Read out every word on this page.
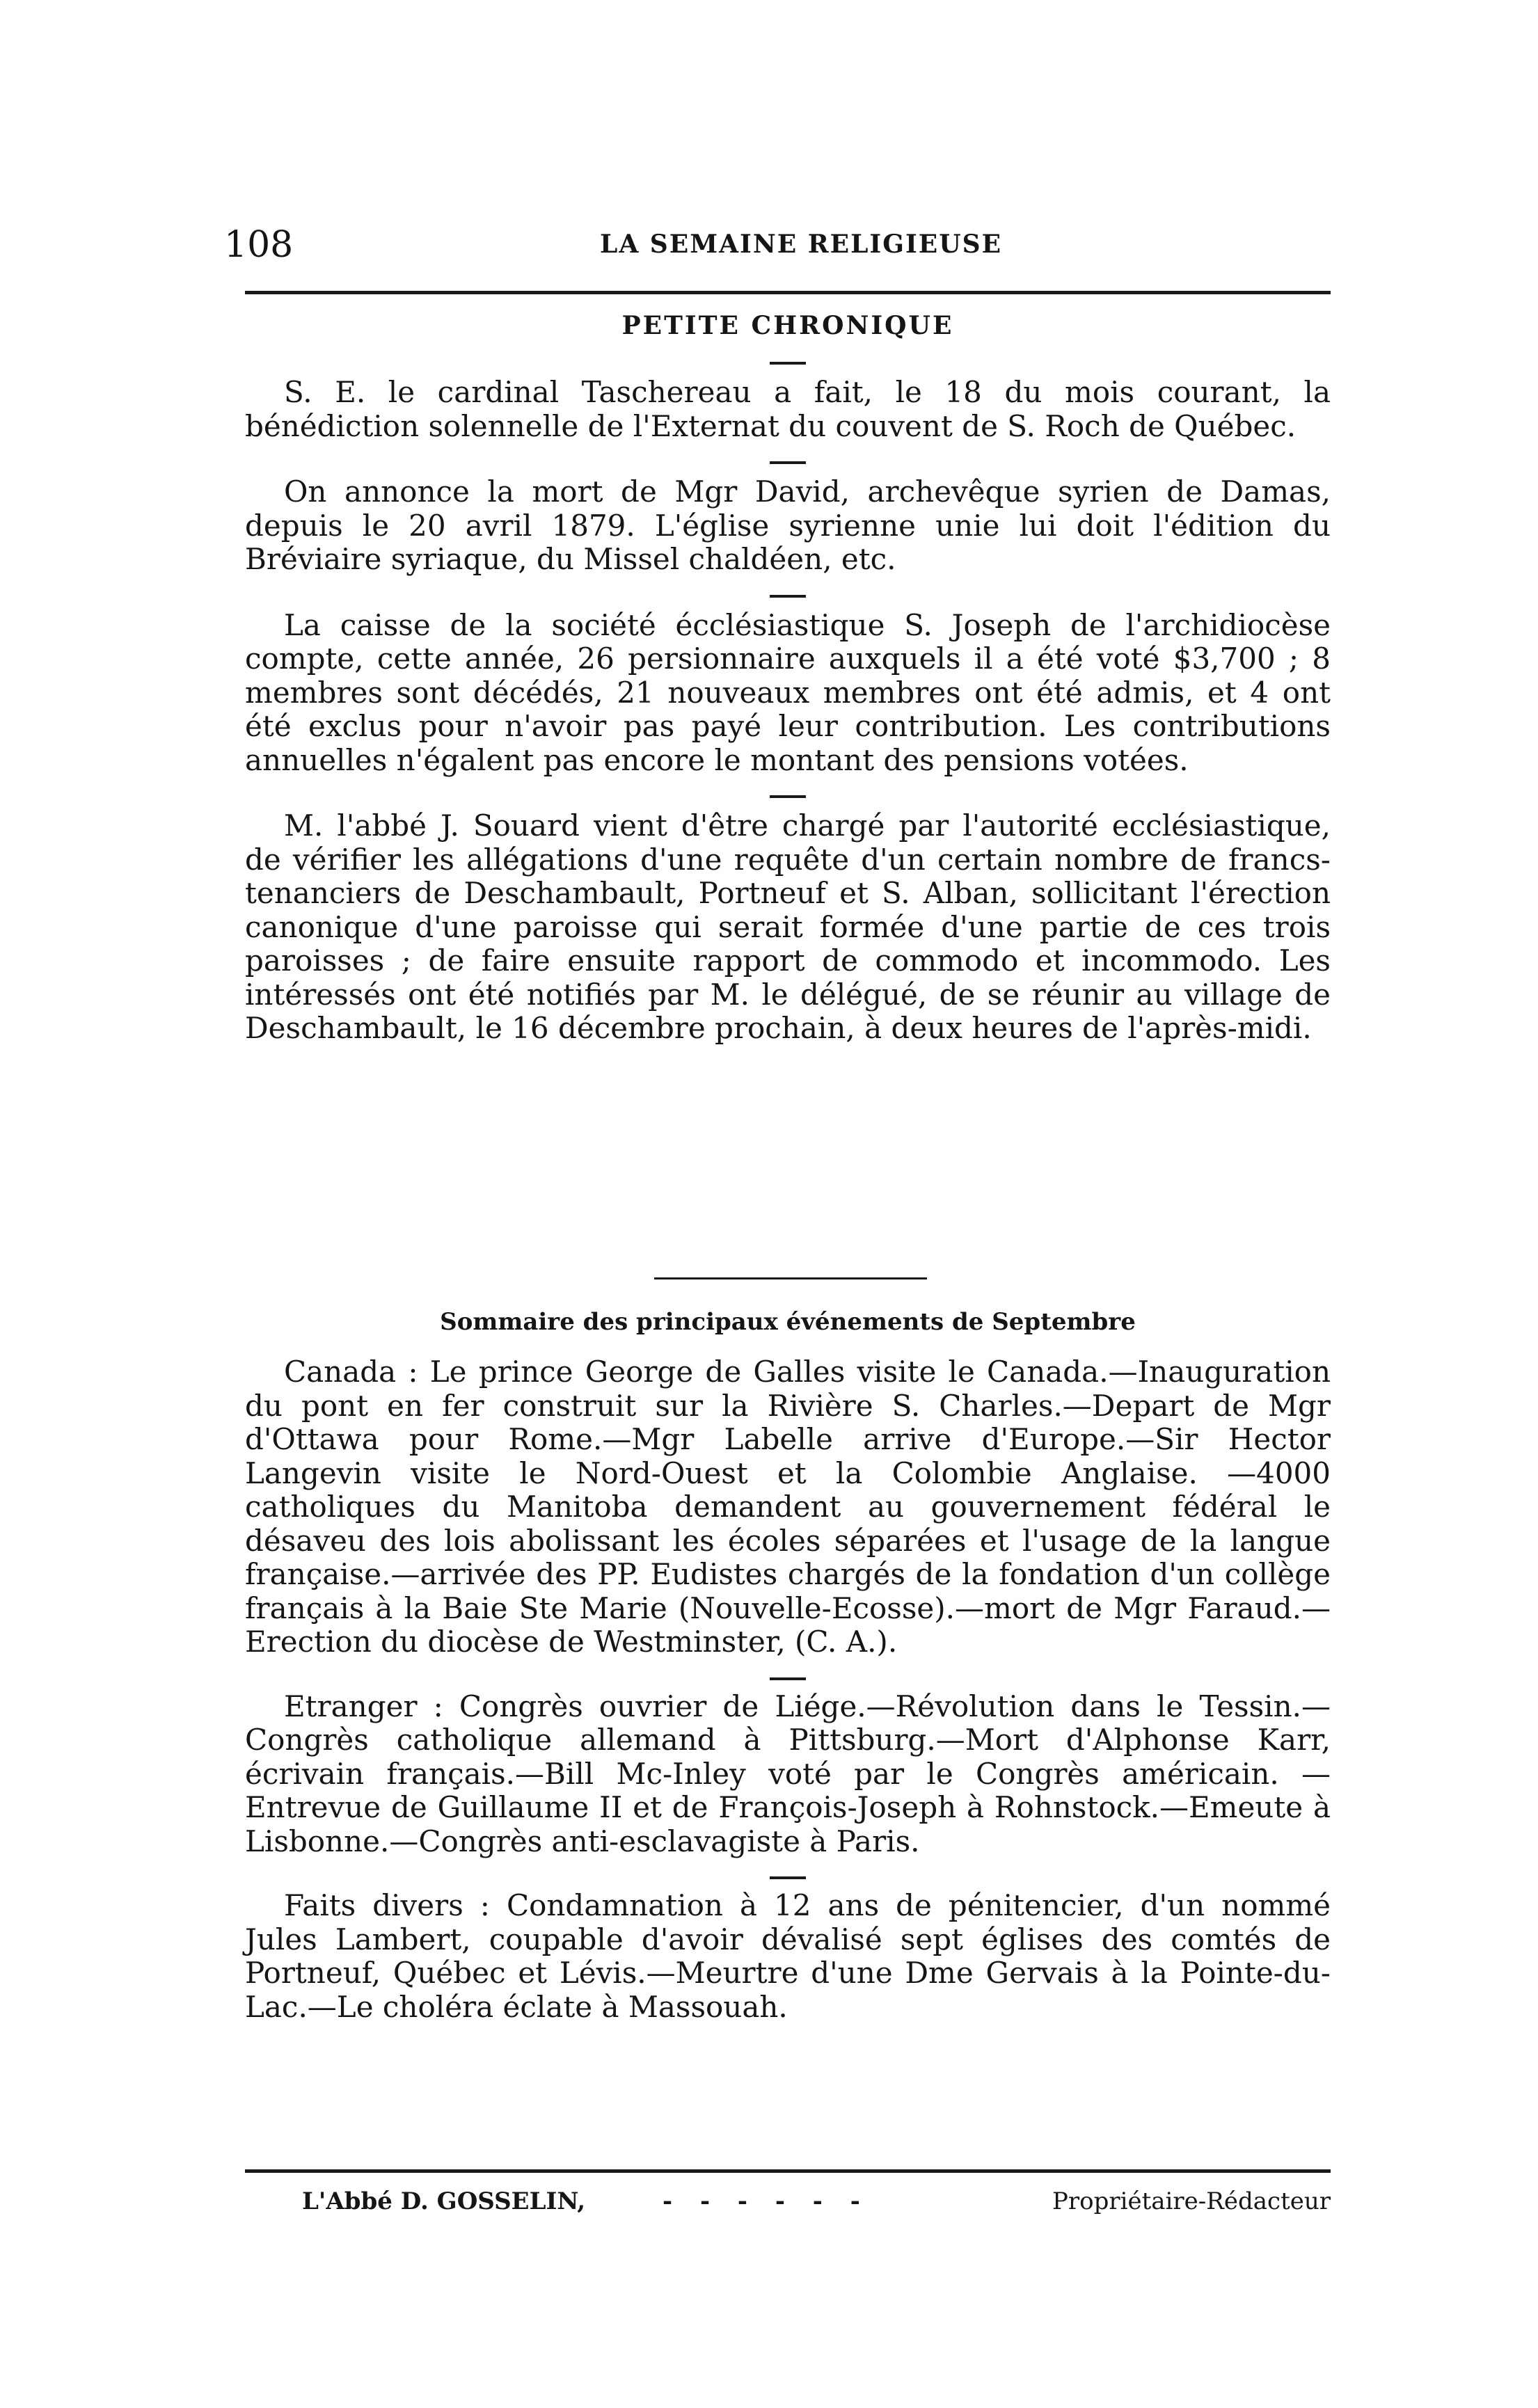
108	LA SEMAINE RELIGIEUSE
PETITE CHRONIQUE

S. E. le cardinal Taschereau a fait, le 18 du mois courant, la bénédiction solennelle de l'Externat du couvent de S. Roch de Québec.

On annonce la mort de Mgr David, archevêque syrien de Damas, depuis le 20 avril 1879. L'église syrienne unie lui doit l'édition du Bréviaire syriaque, du Missel chaldéen, etc.

La caisse de la société écclésiastique S. Joseph de l'archidiocèse compte, cette année, 26 persionnaire auxquels il a été voté $3,700 ; 8 membres sont décédés, 21 nouveaux membres ont été admis, et 4 ont été exclus pour n'avoir pas payé leur contribution. Les contributions annuelles n'égalent pas encore le montant des pensions votées.

M. l'abbé J. Souard vient d'être chargé par l'autorité ecclésiastique, de vérifier les allégations d'une requête d'un certain nombre de francs-tenanciers de Deschambault, Portneuf et S. Alban, sollicitant l'érection canonique d'une paroisse qui serait formée d'une partie de ces trois paroisses ; de faire ensuite rapport de commodo et incommodo. Les intéressés ont été notifiés par M. le délégué, de se réunir au village de Deschambault, le 16 décembre prochain, à deux heures de l'après-midi.

Sommaire des principaux événements de Septembre

Canada : Le prince George de Galles visite le Canada.—Inauguration du pont en fer construit sur la Rivière S. Charles.—Depart de Mgr d'Ottawa pour Rome.—Mgr Labelle arrive d'Europe.—Sir Hector Langevin visite le Nord-Ouest et la Colombie Anglaise. —4000 catholiques du Manitoba demandent au gouvernement fédéral le désaveu des lois abolissant les écoles séparées et l'usage de la langue française.—arrivée des PP. Eudistes chargés de la fondation d'un collège français à la Baie Ste Marie (Nouvelle-Ecosse).—mort de Mgr Faraud.—Erection du diocèse de Westminster, (C. A.).

Etranger : Congrès ouvrier de Liége.—Révolution dans le Tessin.—Congrès catholique allemand à Pittsburg.—Mort d'Alphonse Karr, écrivain français.—Bill Mc-Inley voté par le Congrès américain. —Entrevue de Guillaume II et de François-Joseph à Rohnstock.—Emeute à Lisbonne.—Congrès anti-esclavagiste à Paris.

Faits divers : Condamnation à 12 ans de pénitencier, d'un nommé Jules Lambert, coupable d'avoir dévalisé sept églises des comtés de Portneuf, Québec et Lévis.—Meurtre d'une Dme Gervais à la Pointe-du-Lac.—Le choléra éclate à Massouah.

L'Abbé D. GOSSELIN,	- - - - - -	Propriétaire-Rédacteur
